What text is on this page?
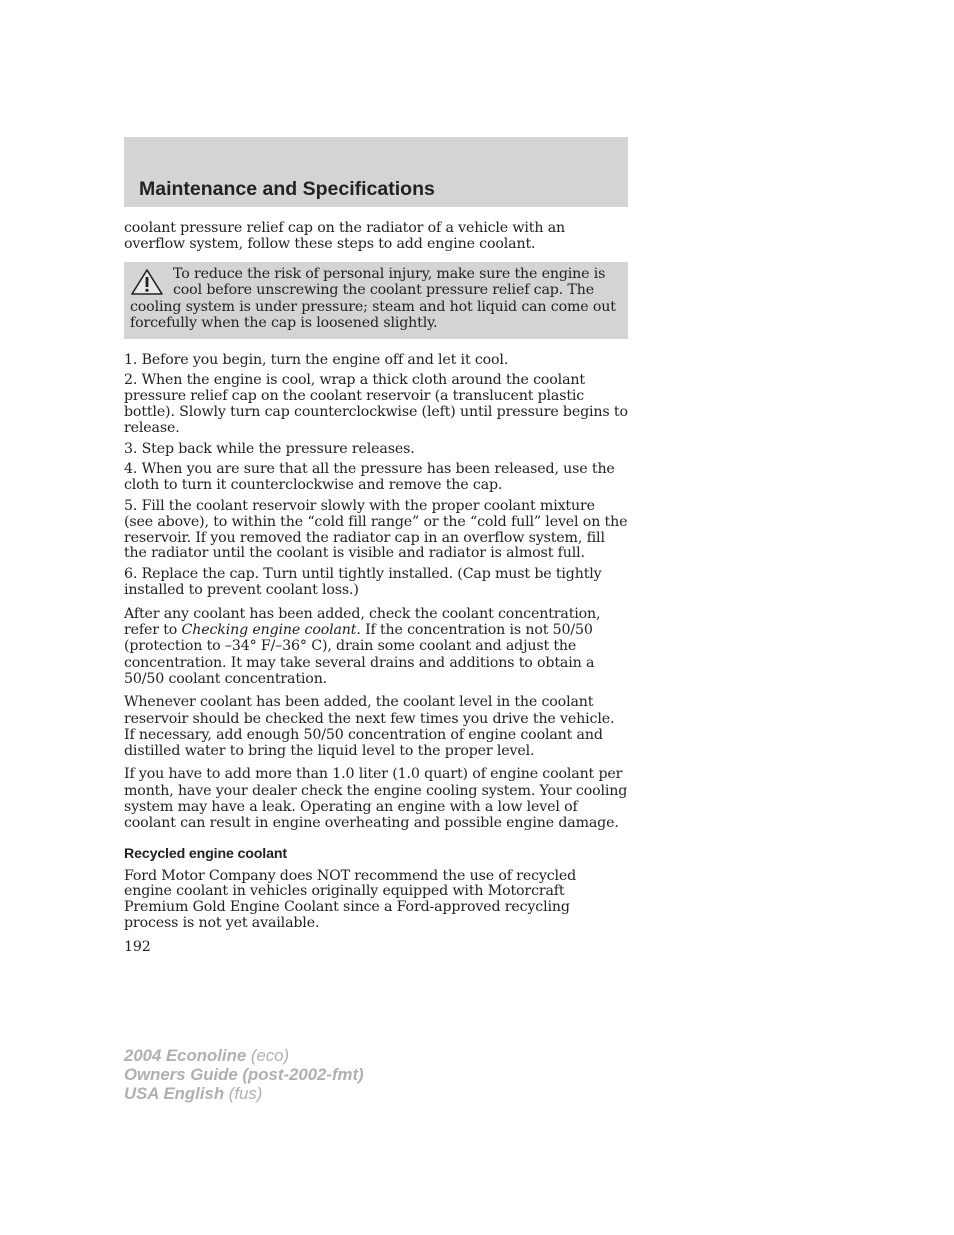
Maintenance and Specifications

coolant pressure relief cap on the radiator of a vehicle with an overflow system, follow these steps to add engine coolant.

To reduce the risk of personal injury, make sure the engine is cool before unscrewing the coolant pressure relief cap. The cooling system is under pressure; steam and hot liquid can come out forcefully when the cap is loosened slightly.

1. Before you begin, turn the engine off and let it cool.

2. When the engine is cool, wrap a thick cloth around the coolant pressure relief cap on the coolant reservoir (a translucent plastic bottle). Slowly turn cap counterclockwise (left) until pressure begins to release.

3. Step back while the pressure releases.

4. When you are sure that all the pressure has been released, use the cloth to turn it counterclockwise and remove the cap.

5. Fill the coolant reservoir slowly with the proper coolant mixture (see above), to within the “cold fill range” or the “cold full” level on the reservoir. If you removed the radiator cap in an overflow system, fill the radiator until the coolant is visible and radiator is almost full.

6. Replace the cap. Turn until tightly installed. (Cap must be tightly installed to prevent coolant loss.)

After any coolant has been added, check the coolant concentration, refer to Checking engine coolant. If the concentration is not 50/50 (protection to –34° F/–36° C), drain some coolant and adjust the concentration. It may take several drains and additions to obtain a 50/50 coolant concentration.

Whenever coolant has been added, the coolant level in the coolant reservoir should be checked the next few times you drive the vehicle. If necessary, add enough 50/50 concentration of engine coolant and distilled water to bring the liquid level to the proper level.

If you have to add more than 1.0 liter (1.0 quart) of engine coolant per month, have your dealer check the engine cooling system. Your cooling system may have a leak. Operating an engine with a low level of coolant can result in engine overheating and possible engine damage.

Recycled engine coolant

Ford Motor Company does NOT recommend the use of recycled engine coolant in vehicles originally equipped with Motorcraft Premium Gold Engine Coolant since a Ford-approved recycling process is not yet available.

192

2004 Econoline (eco)
Owners Guide (post-2002-fmt)
USA English (fus)
